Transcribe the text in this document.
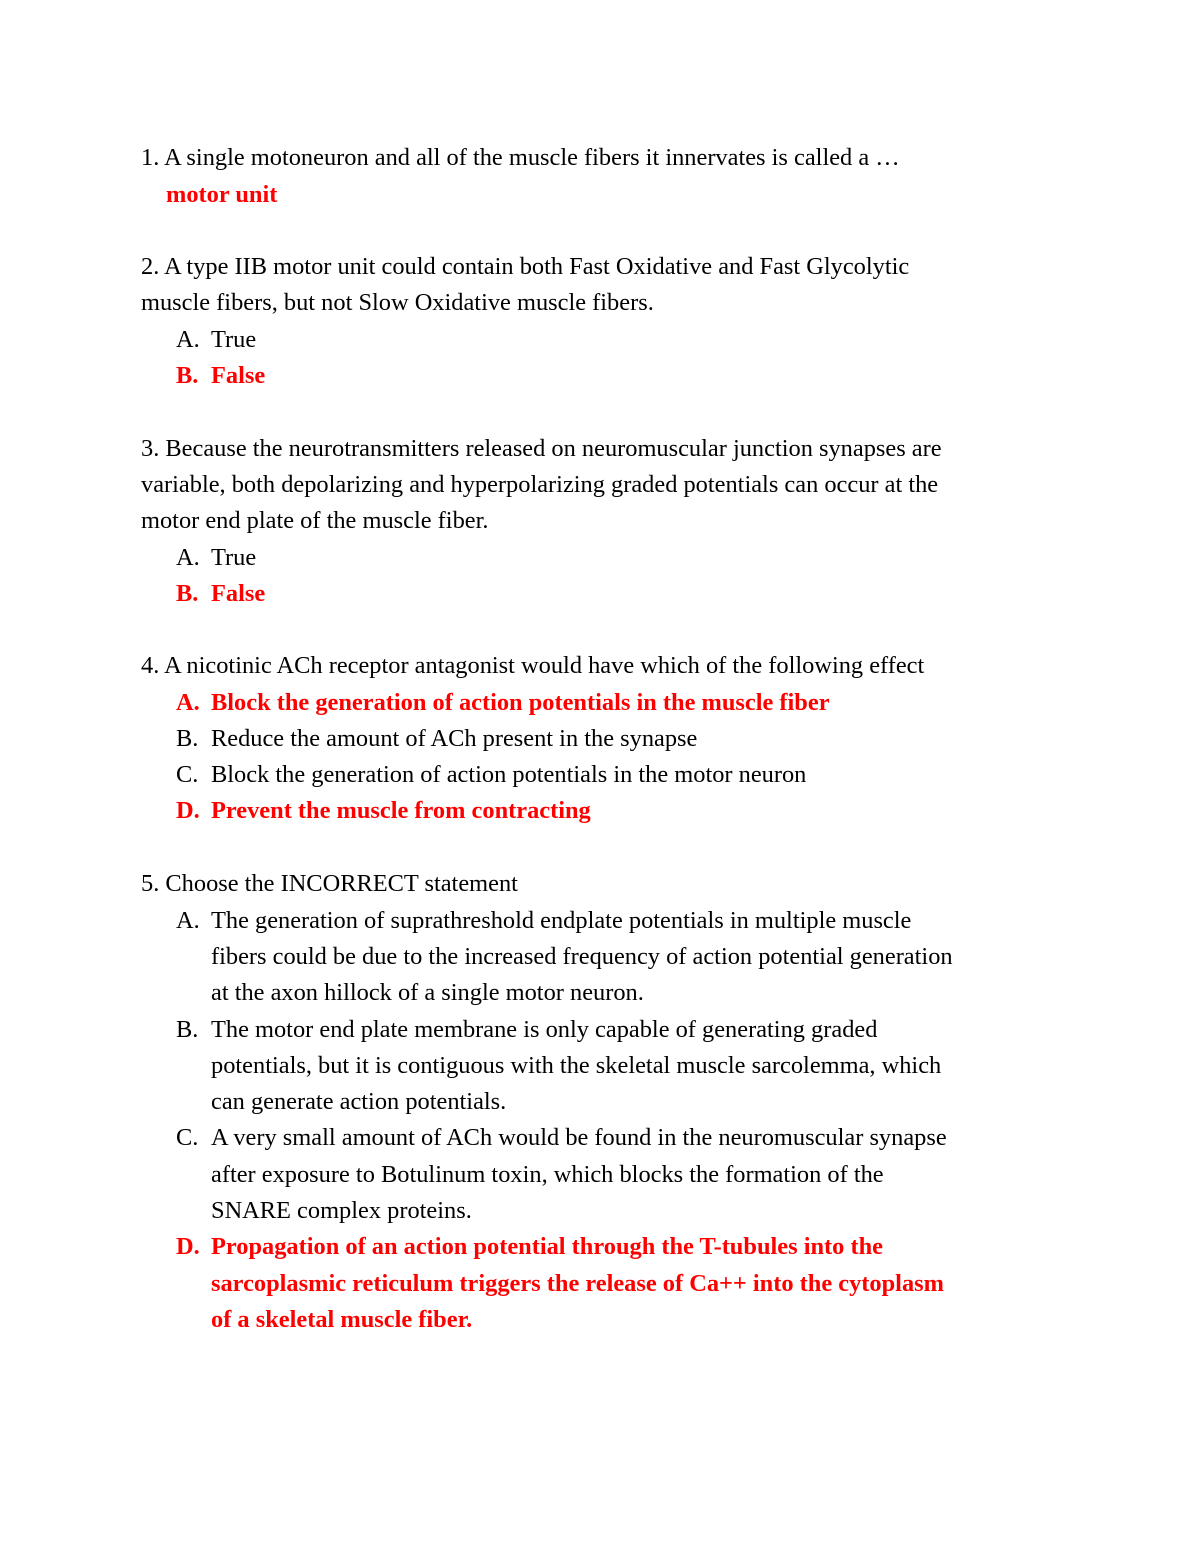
1. A single motoneuron and all of the muscle fibers it innervates is called a …
motor unit
2. A type IIB motor unit could contain both Fast Oxidative and Fast Glycolytic
muscle fibers, but not Slow Oxidative muscle fibers.
A. True
B. False
3. Because the neurotransmitters released on neuromuscular junction synapses are
variable, both depolarizing and hyperpolarizing graded potentials can occur at the
motor end plate of the muscle fiber.
A. True
B. False
4. A nicotinic ACh receptor antagonist would have which of the following effect
A. Block the generation of action potentials in the muscle fiber
B. Reduce the amount of ACh present in the synapse
C. Block the generation of action potentials in the motor neuron
D. Prevent the muscle from contracting
5. Choose the INCORRECT statement
A. The generation of suprathreshold endplate potentials in multiple muscle
fibers could be due to the increased frequency of action potential generation
at the axon hillock of a single motor neuron.
B. The motor end plate membrane is only capable of generating graded
potentials, but it is contiguous with the skeletal muscle sarcolemma, which
can generate action potentials.
C. A very small amount of ACh would be found in the neuromuscular synapse
after exposure to Botulinum toxin, which blocks the formation of the
SNARE complex proteins.
D. Propagation of an action potential through the T-tubules into the
sarcoplasmic reticulum triggers the release of Ca++ into the cytoplasm
of a skeletal muscle fiber.
